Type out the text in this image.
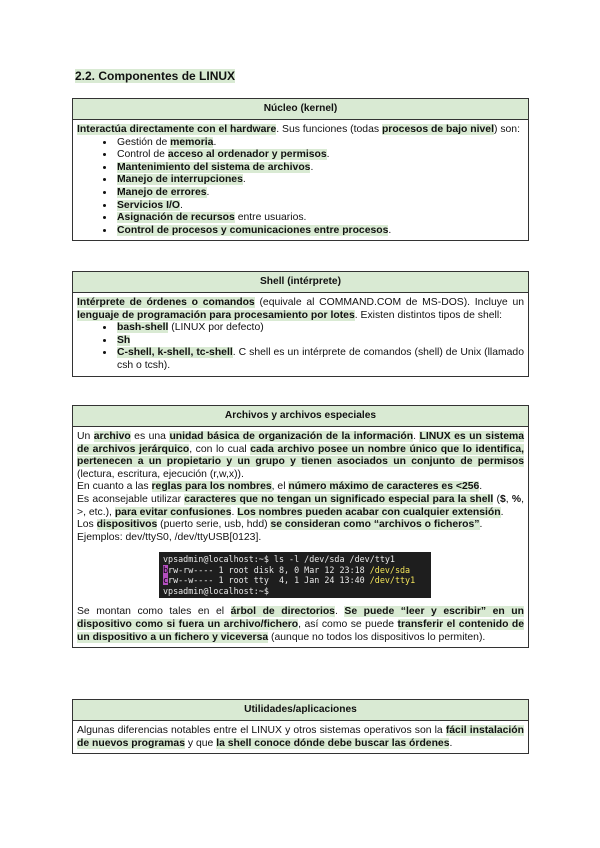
2.2. Componentes de LINUX
Núcleo (kernel)
Interactúa directamente con el hardware. Sus funciones (todas procesos de bajo nivel) son:
• Gestión de memoria.
• Control de acceso al ordenador y permisos.
• Mantenimiento del sistema de archivos.
• Manejo de interrupciones.
• Manejo de errores.
• Servicios I/O.
• Asignación de recursos entre usuarios.
• Control de procesos y comunicaciones entre procesos.
Shell (intérprete)
Intérprete de órdenes o comandos (equivale al COMMAND.COM de MS-DOS). Incluye un lenguaje de programación para procesamiento por lotes. Existen distintos tipos de shell:
• bash-shell (LINUX por defecto)
• Sh
• C-shell, k-shell, tc-shell. C shell es un intérprete de comandos (shell) de Unix (llamado csh o tcsh).
Archivos y archivos especiales
Un archivo es una unidad básica de organización de la información. LINUX es un sistema de archivos jerárquico, con lo cual cada archivo posee un nombre único que lo identifica, pertenecen a un propietario y un grupo y tienen asociados un conjunto de permisos (lectura, escritura, ejecución (r,w,x)).
En cuanto a las reglas para los nombres, el número máximo de caracteres es <256.
Es aconsejable utilizar caracteres que no tengan un significado especial para la shell ($, %, >, etc.), para evitar confusiones. Los nombres pueden acabar con cualquier extensión.
Los dispositivos (puerto serie, usb, hdd) se consideran como “archivos o ficheros”.
Ejemplos: dev/ttyS0, /dev/ttyUSB[0123].
vpsadmin@localhost:~$ ls -l /dev/sda /dev/tty1
brw-rw---- 1 root disk 8, 0 Mar 12 23:18 /dev/sda
crw--w---- 1 root tty  4, 1 Jan 24 13:40 /dev/tty1
vpsadmin@localhost:~$
Se montan como tales en el árbol de directorios. Se puede “leer y escribir” en un dispositivo como si fuera un archivo/fichero, así como se puede transferir el contenido de un dispositivo a un fichero y viceversa (aunque no todos los dispositivos lo permiten).
Utilidades/aplicaciones
Algunas diferencias notables entre el LINUX y otros sistemas operativos son la fácil instalación de nuevos programas y que la shell conoce dónde debe buscar las órdenes.
